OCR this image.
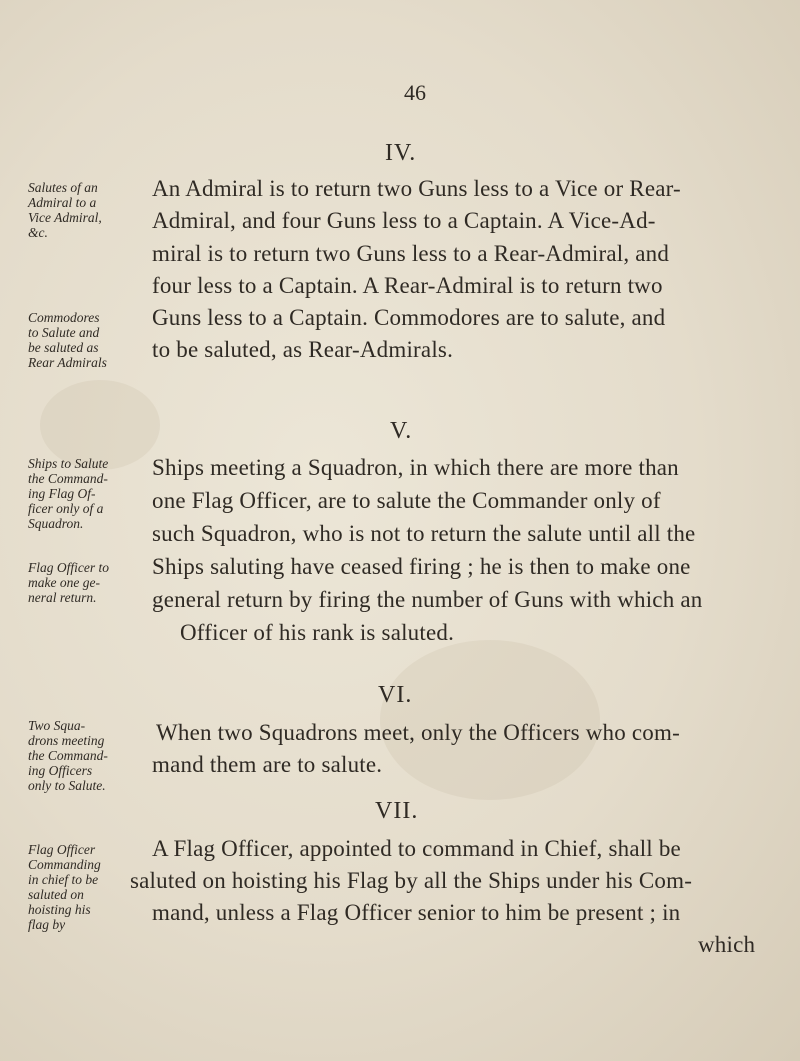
46
IV.
Salutes of an
Admiral to a
Vice Admiral,
&c.
An Admiral is to return two Guns less to a Vice or Rear-
Admiral, and four Guns less to a Captain. A Vice-Ad-
miral is to return two Guns less to a Rear-Admiral, and
four less to a Captain. A Rear-Admiral is to return two
Guns less to a Captain. Commodores are to salute, and
to be saluted, as Rear-Admirals.
Commodores
to Salute and
be saluted as
Rear Admirals
V.
Ships to Salute
the Command-
ing Flag Of-
ficer only of a
Squadron.
Ships meeting a Squadron, in which there are more than
one Flag Officer, are to salute the Commander only of
such Squadron, who is not to return the salute until all the
Ships saluting have ceased firing ; he is then to make one
general return by firing the number of Guns with which an
Officer of his rank is saluted.
Flag Officer to
make one ge-
neral return.
VI.
Two Squa-
drons meeting
the Command-
ing Officers
only to Salute.
When two Squadrons meet, only the Officers who com-
mand them are to salute.
VII.
Flag Officer
Commanding
in chief to be
saluted on
hoisting his
flag by
A Flag Officer, appointed to command in Chief, shall be
saluted on hoisting his Flag by all the Ships under his Com-
mand, unless a Flag Officer senior to him be present ; in
which
